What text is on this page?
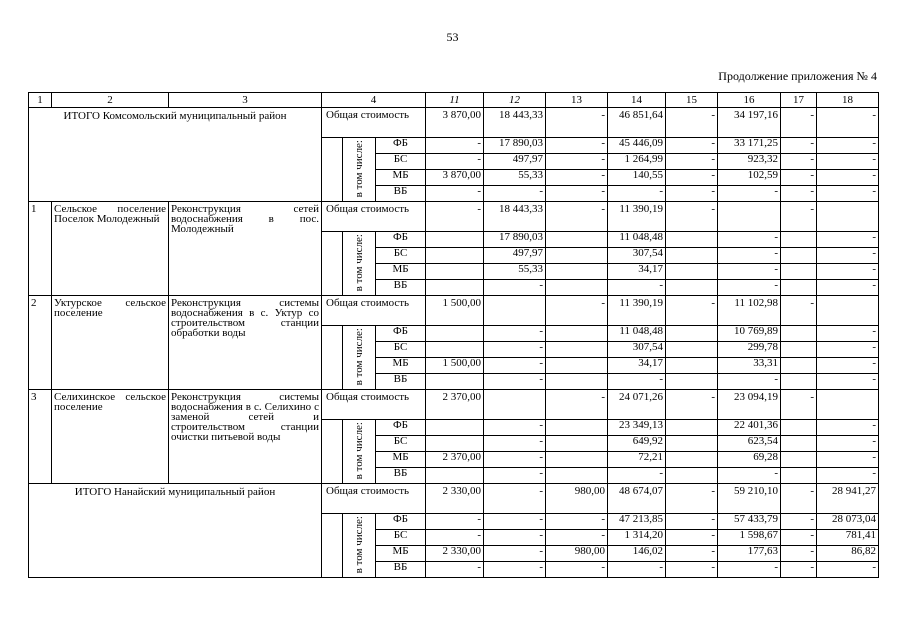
53
Продолжение приложения № 4
1	2	3	4			11	12	13	14	15	16	17	18
ИТОГО Комсомольский муниципальный район			Общая стоимость			3 870,00	18 443,33	-	46 851,64	-	34 197,16	-	-
				в том числе:	ФБ	-	17 890,03	-	45 446,09	-	33 171,25	-	-
					БС	-	497,97	-	1 264,99	-	923,32	-	-
					МБ	3 870,00	55,33	-	140,55	-	102,59	-	-
					ВБ	-	-	-	-	-	-	-	-
1	Сельское поселение Поселок Молодежный	Реконструкция сетей водоснабжения в пос. Молодежный	Общая стоимость			-	18 443,33	-	11 390,19	-		-	
				в том числе:	ФБ		17 890,03		11 048,48		-		-
					БС		497,97		307,54		-		-
					МБ		55,33		34,17		-		-
					ВБ		-		-		-		-
2	Уктурское сельское поселение	Реконструкция системы водоснабжения в с. Уктур со строительством станции обработки воды	Общая стоимость			1 500,00		-	11 390,19	-	11 102,98	-	
				в том числе:	ФБ		-		11 048,48		10 769,89		-
					БС		-		307,54		299,78		-
					МБ	1 500,00	-		34,17		33,31		-
					ВБ		-		-		-		-
3	Селихинское сельское поселение	Реконструкция системы водоснабжения в с. Селихино с заменой сетей и строительством станции очистки питьевой воды	Общая стоимость			2 370,00		-	24 071,26	-	23 094,19	-	
				в том числе:	ФБ		-		23 349,13		22 401,36		-
					БС		-		649,92		623,54		-
					МБ	2 370,00	-		72,21		69,28		-
					ВБ		-		-		-		-
ИТОГО Нанайский муниципальный район			Общая стоимость			2 330,00	-	980,00	48 674,07	-	59 210,10	-	28 941,27
				в том числе:	ФБ	-	-	-	47 213,85	-	57 433,79	-	28 073,04
					БС	-	-	-	1 314,20	-	1 598,67	-	781,41
					МБ	2 330,00	-	980,00	146,02	-	177,63	-	86,82
					ВБ	-	-	-	-	-	-	-	-
